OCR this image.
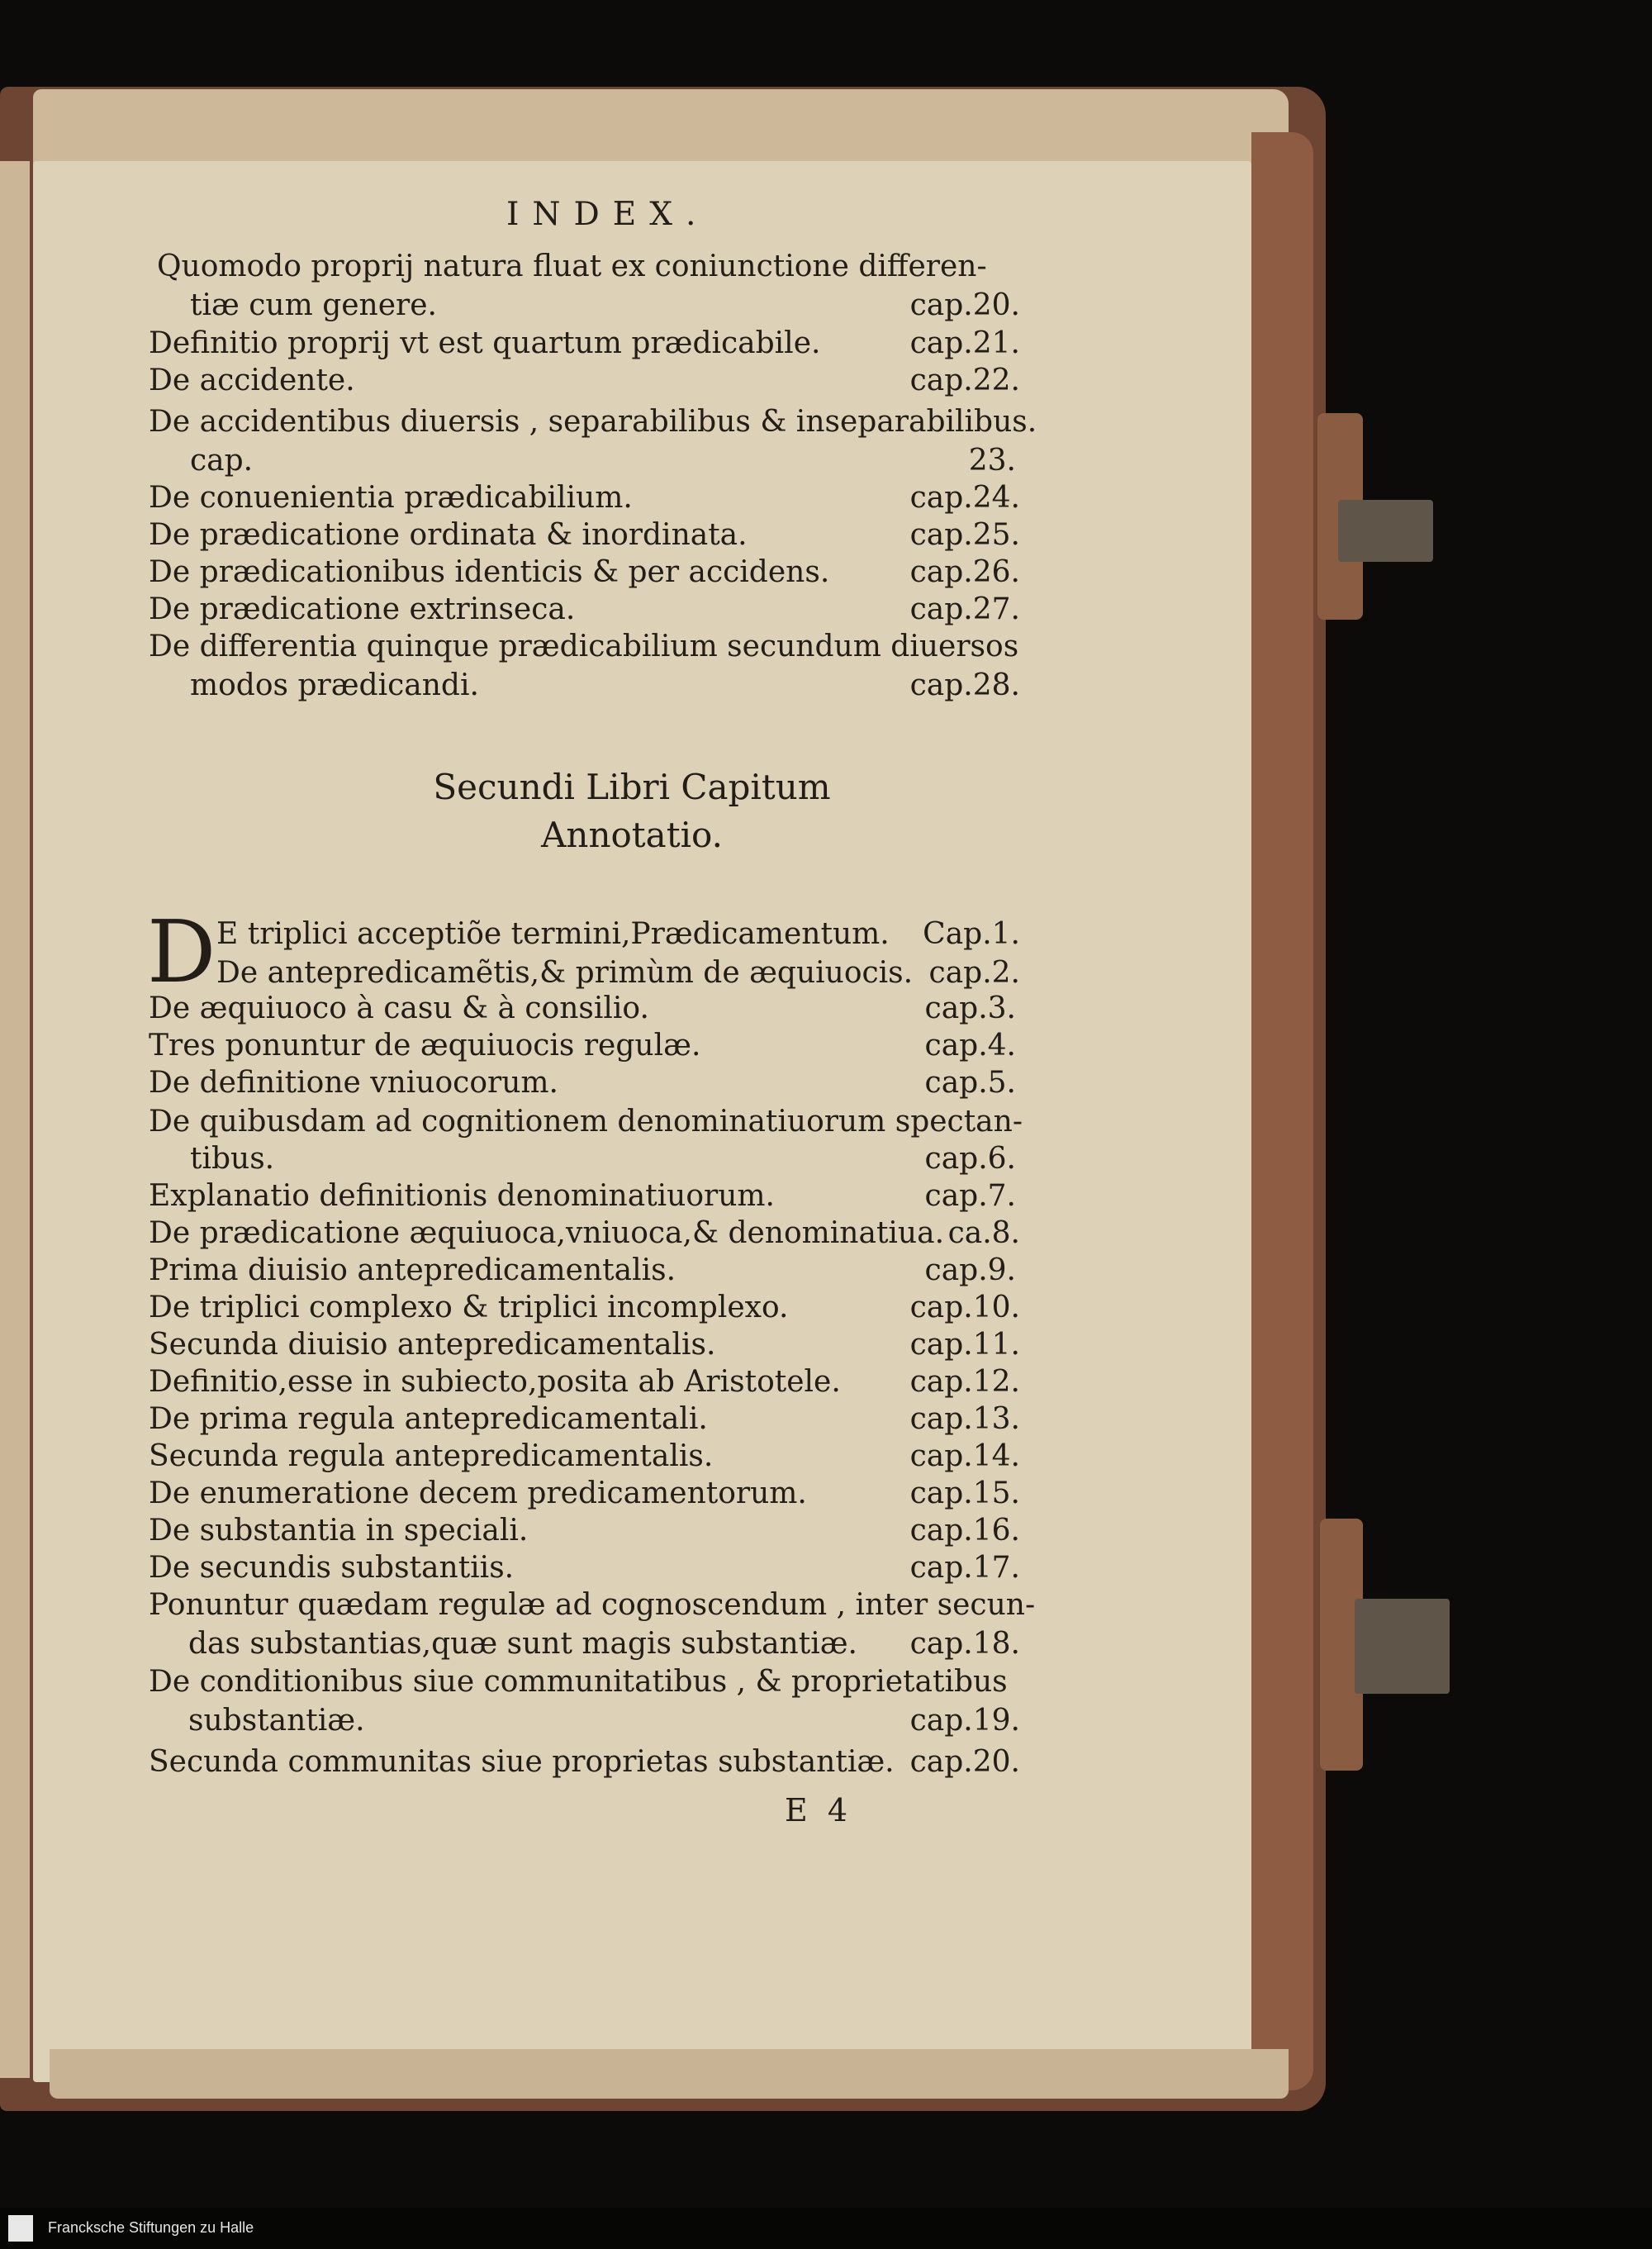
INDEX.
Quomodo proprij natura fluat ex coniunctione differen-
tiæ cum genere.	cap.20.
Definitio proprij vt est quartum prædicabile.	cap.21.
De accidente.	cap.22.
De accidentibus diuersis , separabilibus & inseparabilibus.
cap.	23.
De conuenientia prædicabilium.	cap.24.
De prædicatione ordinata & inordinata.	cap.25.
De prædicationibus identicis & per accidens.	cap.26.
De prædicatione extrinseca.	cap.27.
De differentia quinque prædicabilium secundum diuersos
modos prædicandi.	cap.28.
Secundi Libri Capitum
Annotatio.
D E triplici acceptiõe termini,Prædicamentum. Cap.1.
De antepredicamẽtis,& primùm de æquiuocis. cap.2.
De æquiuoco à casu & à consilio.	cap.3.
Tres ponuntur de æquiuocis regulæ.	cap.4.
De definitione vniuocorum.	cap.5.
De quibusdam ad cognitionem denominatiuorum spectan-
tibus.	cap.6.
Explanatio definitionis denominatiuorum.	cap.7.
De prædicatione æquiuoca,vniuoca,& denominatiua. ca.8.
Prima diuisio antepredicamentalis.	cap.9.
De triplici complexo & triplici incomplexo.	cap.10.
Secunda diuisio antepredicamentalis.	cap.11.
Definitio,esse in subiecto,posita ab Aristotele. cap.12.
De prima regula antepredicamentali.	cap.13.
Secunda regula antepredicamentalis.	cap.14.
De enumeratione decem predicamentorum.	cap.15.
De substantia in speciali.	cap.16.
De secundis substantiis.	cap.17.
Ponuntur quædam regulæ ad cognoscendum , inter secun-
das substantias,quæ sunt magis substantiæ. cap.18.
De conditionibus siue communitatibus , & proprietatibus
substantiæ.	cap.19.
Secunda communitas siue proprietas substantiæ. cap.20.
E  4
Francksche Stiftungen zu Halle
